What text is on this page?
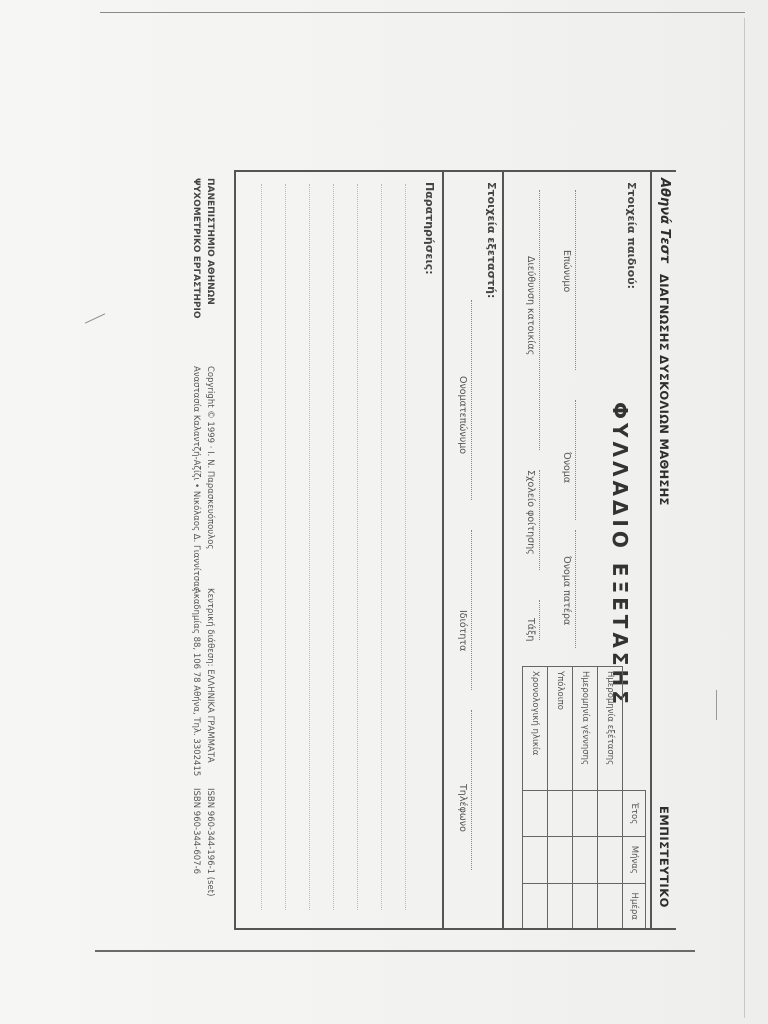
Αθηνά Τεστ
ΔΙΑΓΝΩΣΗΣ ΔΥΣΚΟΛΙΩΝ ΜΑΘΗΣΗΣ
ΕΜΠΙΣΤΕΥΤΙΚΟ
ΦΥΛΛΑΔΙΟ ΕΞΕΤΑΣΗΣ
Στοιχεία παιδιού:
Επώνυμο
Όνομα
Όνομα πατέρα
Διεύθυνση κατοικίας
Σχολείο φοίτησης
Τάξη
	Έτος	Μήνας	Ημέρα
Ημερομηνία εξέτασης			
Ημερομηνία γέννησης			
Υπόλοιπο			
Χρονολογική ηλικία			
Στοιχεία εξεταστή:
Ονοματεπώνυμο
Ιδιότητα
Τηλέφωνο
Παρατηρήσεις:
ΠΑΝΕΠΙΣΤΗΜΙΟ ΑΘΗΝΩΝ
ΨΥΧΟΜΕΤΡΙΚΟ ΕΡΓΑΣΤΗΡΙΟ
Copyright © 1999 · Ι. Ν. Παρασκευόπουλος
Αναστασία Καλαντζή-Αζίζι • Νικόλαος Δ. Γιαννίτσας
Κεντρική διάθεση: ΕΛΛΗΝΙΚΑ ΓΡΑΜΜΑΤΑ
Ακαδημίας 88, 106 78 Αθήνα, Τηλ. 3302415
ISBN 960-344-196-1 (set)
ISBN 960-344-607-6
